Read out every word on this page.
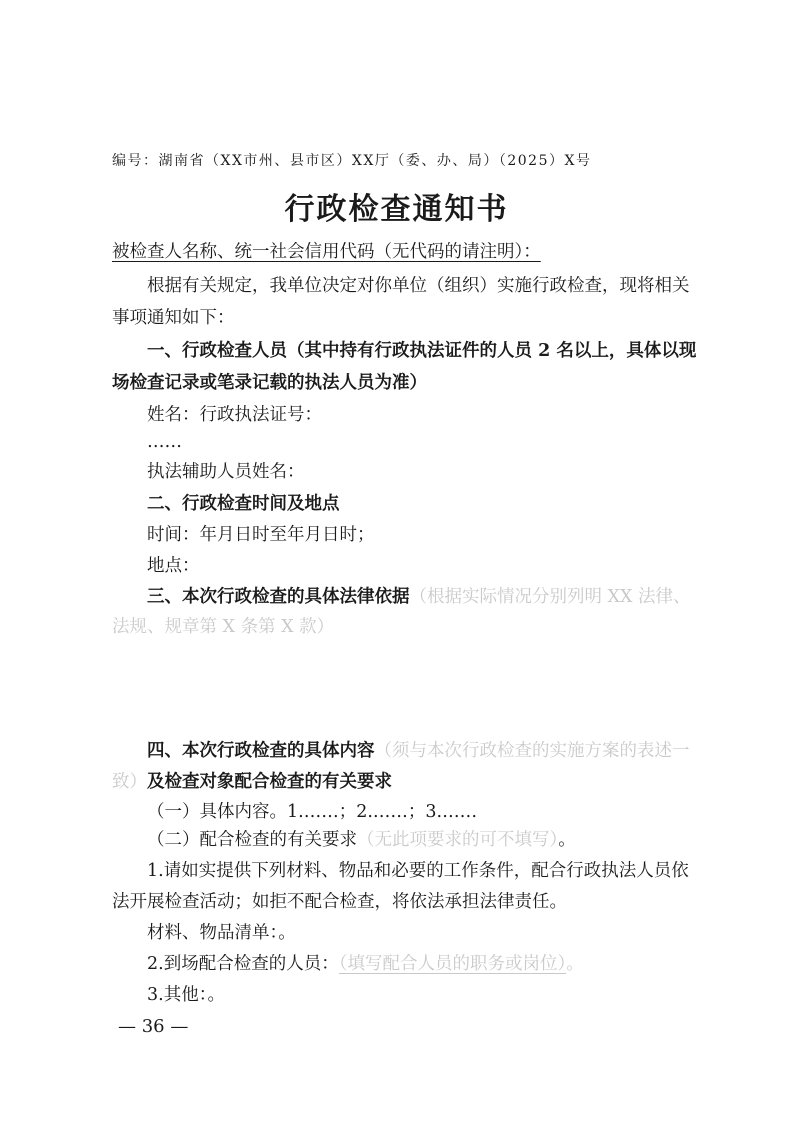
编号：湖南省（XX市州、县市区）XX厅（委、办、局）（2025）X号
行政检查通知书
被检查人名称、统一社会信用代码（无代码的请注明）：
根据有关规定，我单位决定对你单位（组织）实施行政检查，现将相关
事项通知如下：
一、行政检查人员（其中持有行政执法证件的人员 2 名以上，具体以现
场检查记录或笔录记载的执法人员为准）
姓名：行政执法证号：
……
执法辅助人员姓名：
二、行政检查时间及地点
时间：年月日时至年月日时；
地点：
三、本次行政检查的具体法律依据（根据实际情况分别列明 XX 法律、
法规、规章第 X 条第 X 款）
四、本次行政检查的具体内容（须与本次行政检查的实施方案的表述一
致）及检查对象配合检查的有关要求
（一）具体内容。1.……；2.……；3.……
（二）配合检查的有关要求（无此项要求的可不填写）。
1.请如实提供下列材料、物品和必要的工作条件，配合行政执法人员依
法开展检查活动；如拒不配合检查，将依法承担法律责任。
材料、物品清单：。
2.到场配合检查的人员：（填写配合人员的职务或岗位）。
3.其他：。
— 36 —
